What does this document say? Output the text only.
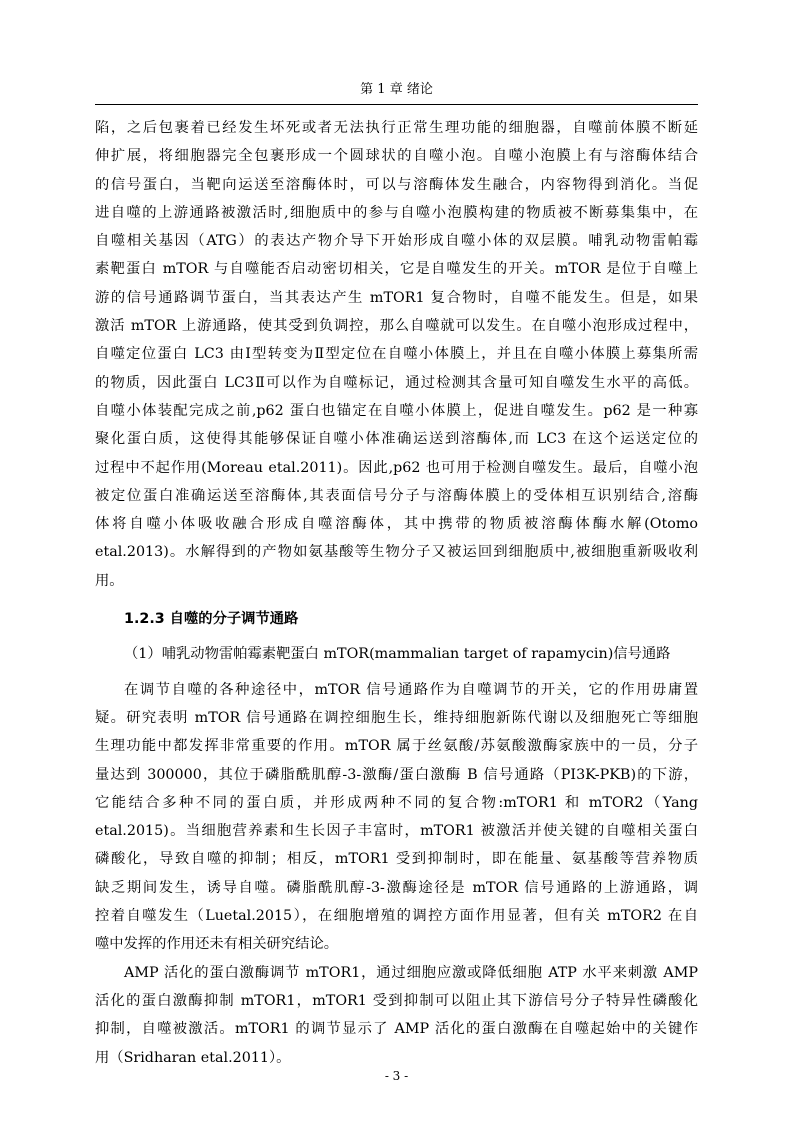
第 1 章 绪论
陷，之后包裹着已经发生坏死或者无法执行正常生理功能的细胞器，自噬前体膜不断延
伸扩展，将细胞器完全包裹形成一个圆球状的自噬小泡。自噬小泡膜上有与溶酶体结合
的信号蛋白，当靶向运送至溶酶体时，可以与溶酶体发生融合，内容物得到消化。当促
进自噬的上游通路被激活时,细胞质中的参与自噬小泡膜构建的物质被不断募集集中，在
自噬相关基因（ATG）的表达产物介导下开始形成自噬小体的双层膜。哺乳动物雷帕霉
素靶蛋白 mTOR 与自噬能否启动密切相关，它是自噬发生的开关。mTOR 是位于自噬上
游的信号通路调节蛋白，当其表达产生 mTOR1 复合物时，自噬不能发生。但是，如果
激活 mTOR 上游通路，使其受到负调控，那么自噬就可以发生。在自噬小泡形成过程中，
自噬定位蛋白 LC3 由Ⅰ型转变为Ⅱ型定位在自噬小体膜上，并且在自噬小体膜上募集所需
的物质，因此蛋白 LC3Ⅱ可以作为自噬标记，通过检测其含量可知自噬发生水平的高低。
自噬小体装配完成之前,p62 蛋白也锚定在自噬小体膜上，促进自噬发生。p62 是一种寡
聚化蛋白质，这使得其能够保证自噬小体准确运送到溶酶体,而 LC3 在这个运送定位的
过程中不起作用(Moreau etal.2011)。因此,p62 也可用于检测自噬发生。最后，自噬小泡
被定位蛋白准确运送至溶酶体,其表面信号分子与溶酶体膜上的受体相互识别结合,溶酶
体将自噬小体吸收融合形成自噬溶酶体，其中携带的物质被溶酶体酶水解(Otomo
etal.2013)。水解得到的产物如氨基酸等生物分子又被运回到细胞质中,被细胞重新吸收利
用。
1.2.3 自噬的分子调节通路
（1）哺乳动物雷帕霉素靶蛋白 mTOR(mammalian target of rapamycin)信号通路
在调节自噬的各种途径中，mTOR 信号通路作为自噬调节的开关，它的作用毋庸置
疑。研究表明 mTOR 信号通路在调控细胞生长，维持细胞新陈代谢以及细胞死亡等细胞
生理功能中都发挥非常重要的作用。mTOR 属于丝氨酸/苏氨酸激酶家族中的一员，分子
量达到 300000，其位于磷脂酰肌醇-3-激酶/蛋白激酶 B 信号通路（PI3K-PKB)的下游，
它能结合多种不同的蛋白质，并形成两种不同的复合物:mTOR1 和 mTOR2（Yang
etal.2015)。当细胞营养素和生长因子丰富时，mTOR1 被激活并使关键的自噬相关蛋白
磷酸化，导致自噬的抑制；相反，mTOR1 受到抑制时，即在能量、氨基酸等营养物质
缺乏期间发生，诱导自噬。磷脂酰肌醇-3-激酶途径是 mTOR 信号通路的上游通路，调
控着自噬发生（Luetal.2015），在细胞增殖的调控方面作用显著，但有关 mTOR2 在自
噬中发挥的作用还未有相关研究结论。
AMP 活化的蛋白激酶调节 mTOR1，通过细胞应激或降低细胞 ATP 水平来刺激 AMP
活化的蛋白激酶抑制 mTOR1，mTOR1 受到抑制可以阻止其下游信号分子特异性磷酸化
抑制，自噬被激活。mTOR1 的调节显示了 AMP 活化的蛋白激酶在自噬起始中的关键作
用（Sridharan etal.2011）。
- 3 -
